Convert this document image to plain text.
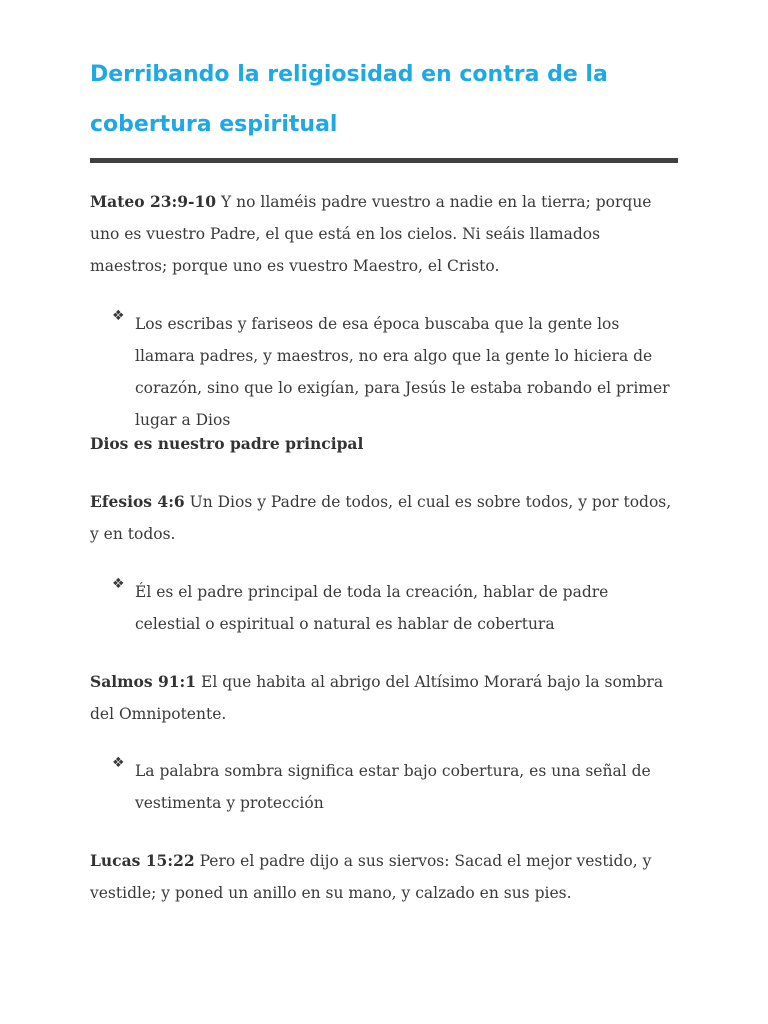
Derribando la religiosidad en contra de la cobertura espiritual

Mateo 23:9-10 Y no llaméis padre vuestro a nadie en la tierra; porque uno es vuestro Padre, el que está en los cielos. Ni seáis llamados maestros; porque uno es vuestro Maestro, el Cristo.

❖ Los escribas y fariseos de esa época buscaba que la gente los llamara padres, y maestros, no era algo que la gente lo hiciera de corazón, sino que lo exigían, para Jesús le estaba robando el primer lugar a Dios
Dios es nuestro padre principal

Efesios 4:6 Un Dios y Padre de todos, el cual es sobre todos, y por todos, y en todos.

❖ Él es el padre principal de toda la creación, hablar de padre celestial o espiritual o natural es hablar de cobertura

Salmos 91:1 El que habita al abrigo del Altísimo Morará bajo la sombra del Omnipotente.

❖ La palabra sombra significa estar bajo cobertura, es una señal de vestimenta y protección

Lucas 15:22 Pero el padre dijo a sus siervos: Sacad el mejor vestido, y vestidle; y poned un anillo en su mano, y calzado en sus pies.
